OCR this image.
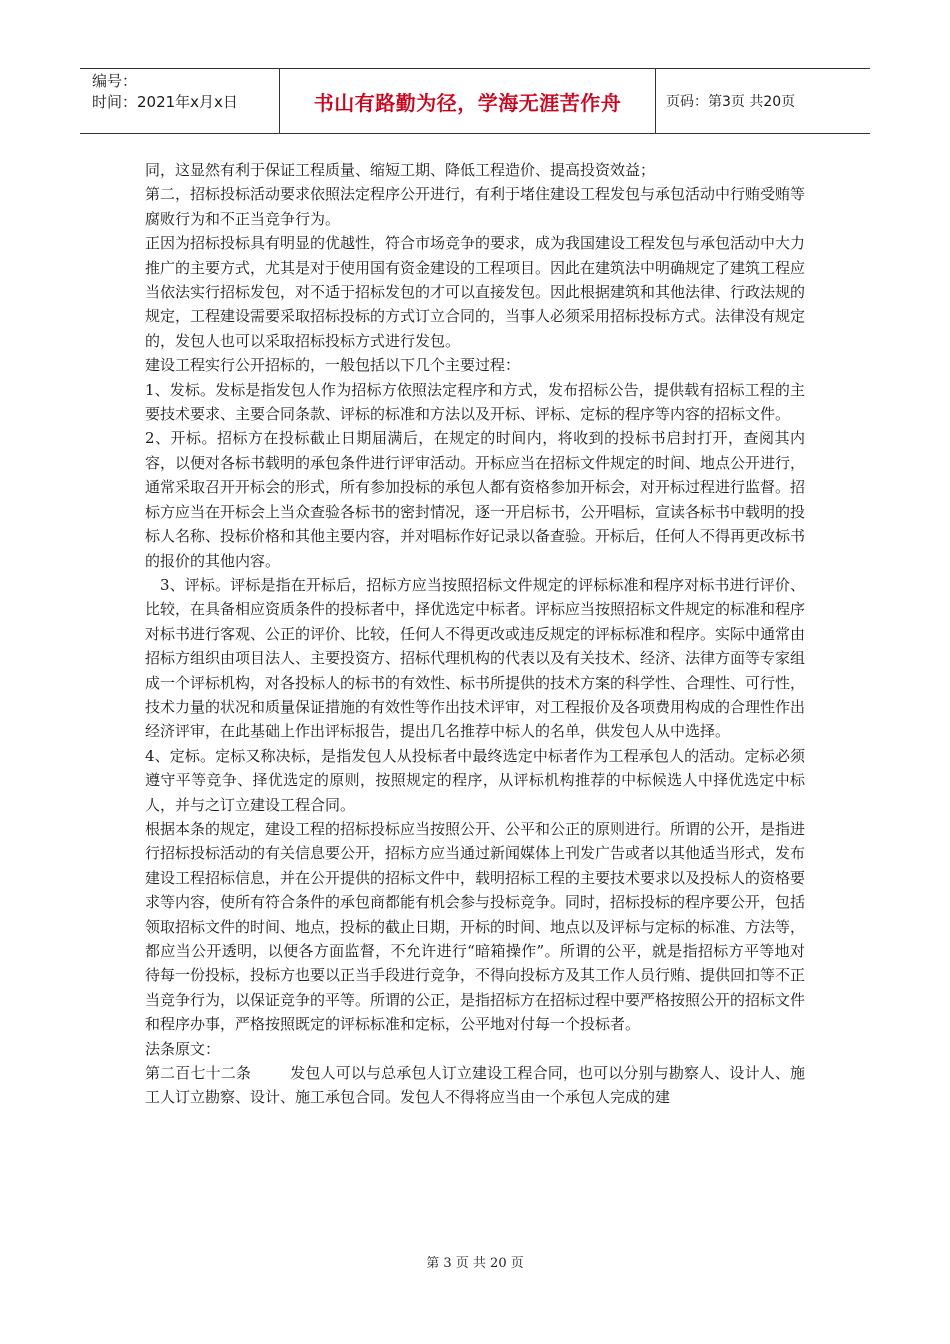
编号：
时间：2021年x月x日	书山有路勤为径，学海无涯苦作舟	页码：第3页 共20页

同，这显然有利于保证工程质量、缩短工期、降低工程造价、提高投资效益；

第二，招标投标活动要求依照法定程序公开进行，有利于堵住建设工程发包与承包活动中行贿受贿等腐败行为和不正当竞争行为。

正因为招标投标具有明显的优越性，符合市场竞争的要求，成为我国建设工程发包与承包活动中大力推广的主要方式，尤其是对于使用国有资金建设的工程项目。因此在建筑法中明确规定了建筑工程应当依法实行招标发包，对不适于招标发包的才可以直接发包。因此根据建筑和其他法律、行政法规的规定，工程建设需要采取招标投标的方式订立合同的，当事人必须采用招标投标方式。法律没有规定的，发包人也可以采取招标投标方式进行发包。

建设工程实行公开招标的，一般包括以下几个主要过程：

1、发标。发标是指发包人作为招标方依照法定程序和方式，发布招标公告，提供载有招标工程的主要技术要求、主要合同条款、评标的标准和方法以及开标、评标、定标的程序等内容的招标文件。

2、开标。招标方在投标截止日期届满后，在规定的时间内，将收到的投标书启封打开，查阅其内容，以便对各标书载明的承包条件进行评审活动。开标应当在招标文件规定的时间、地点公开进行，通常采取召开开标会的形式，所有参加投标的承包人都有资格参加开标会，对开标过程进行监督。招标方应当在开标会上当众查验各标书的密封情况，逐一开启标书，公开唱标，宣读各标书中载明的投标人名称、投标价格和其他主要内容，并对唱标作好记录以备查验。开标后，任何人不得再更改标书的报价的其他内容。

3、评标。评标是指在开标后，招标方应当按照招标文件规定的评标标准和程序对标书进行评价、比较，在具备相应资质条件的投标者中，择优选定中标者。评标应当按照招标文件规定的标准和程序对标书进行客观、公正的评价、比较，任何人不得更改或违反规定的评标标准和程序。实际中通常由招标方组织由项目法人、主要投资方、招标代理机构的代表以及有关技术、经济、法律方面等专家组成一个评标机构，对各投标人的标书的有效性、标书所提供的技术方案的科学性、合理性、可行性，技术力量的状况和质量保证措施的有效性等作出技术评审，对工程报价及各项费用构成的合理性作出经济评审，在此基础上作出评标报告，提出几名推荐中标人的名单，供发包人从中选择。

4、定标。定标又称决标，是指发包人从投标者中最终选定中标者作为工程承包人的活动。定标必须遵守平等竞争、择优选定的原则，按照规定的程序，从评标机构推荐的中标候选人中择优选定中标人，并与之订立建设工程合同。

根据本条的规定，建设工程的招标投标应当按照公开、公平和公正的原则进行。所谓的公开，是指进行招标投标活动的有关信息要公开，招标方应当通过新闻媒体上刊发广告或者以其他适当形式，发布建设工程招标信息，并在公开提供的招标文件中，载明招标工程的主要技术要求以及投标人的资格要求等内容，使所有符合条件的承包商都能有机会参与投标竞争。同时，招标投标的程序要公开，包括领取招标文件的时间、地点，投标的截止日期，开标的时间、地点以及评标与定标的标准、方法等，都应当公开透明，以便各方面监督，不允许进行“暗箱操作”。所谓的公平，就是指招标方平等地对待每一份投标，投标方也要以正当手段进行竞争，不得向投标方及其工作人员行贿、提供回扣等不正当竞争行为，以保证竞争的平等。所谓的公正，是指招标方在招标过程中要严格按照公开的招标文件和程序办事，严格按照既定的评标标准和定标，公平地对付每一个投标者。

法条原文：

第二百七十二条        发包人可以与总承包人订立建设工程合同，也可以分别与勘察人、设计人、施工人订立勘察、设计、施工承包合同。发包人不得将应当由一个承包人完成的建

第 3 页 共 20 页
